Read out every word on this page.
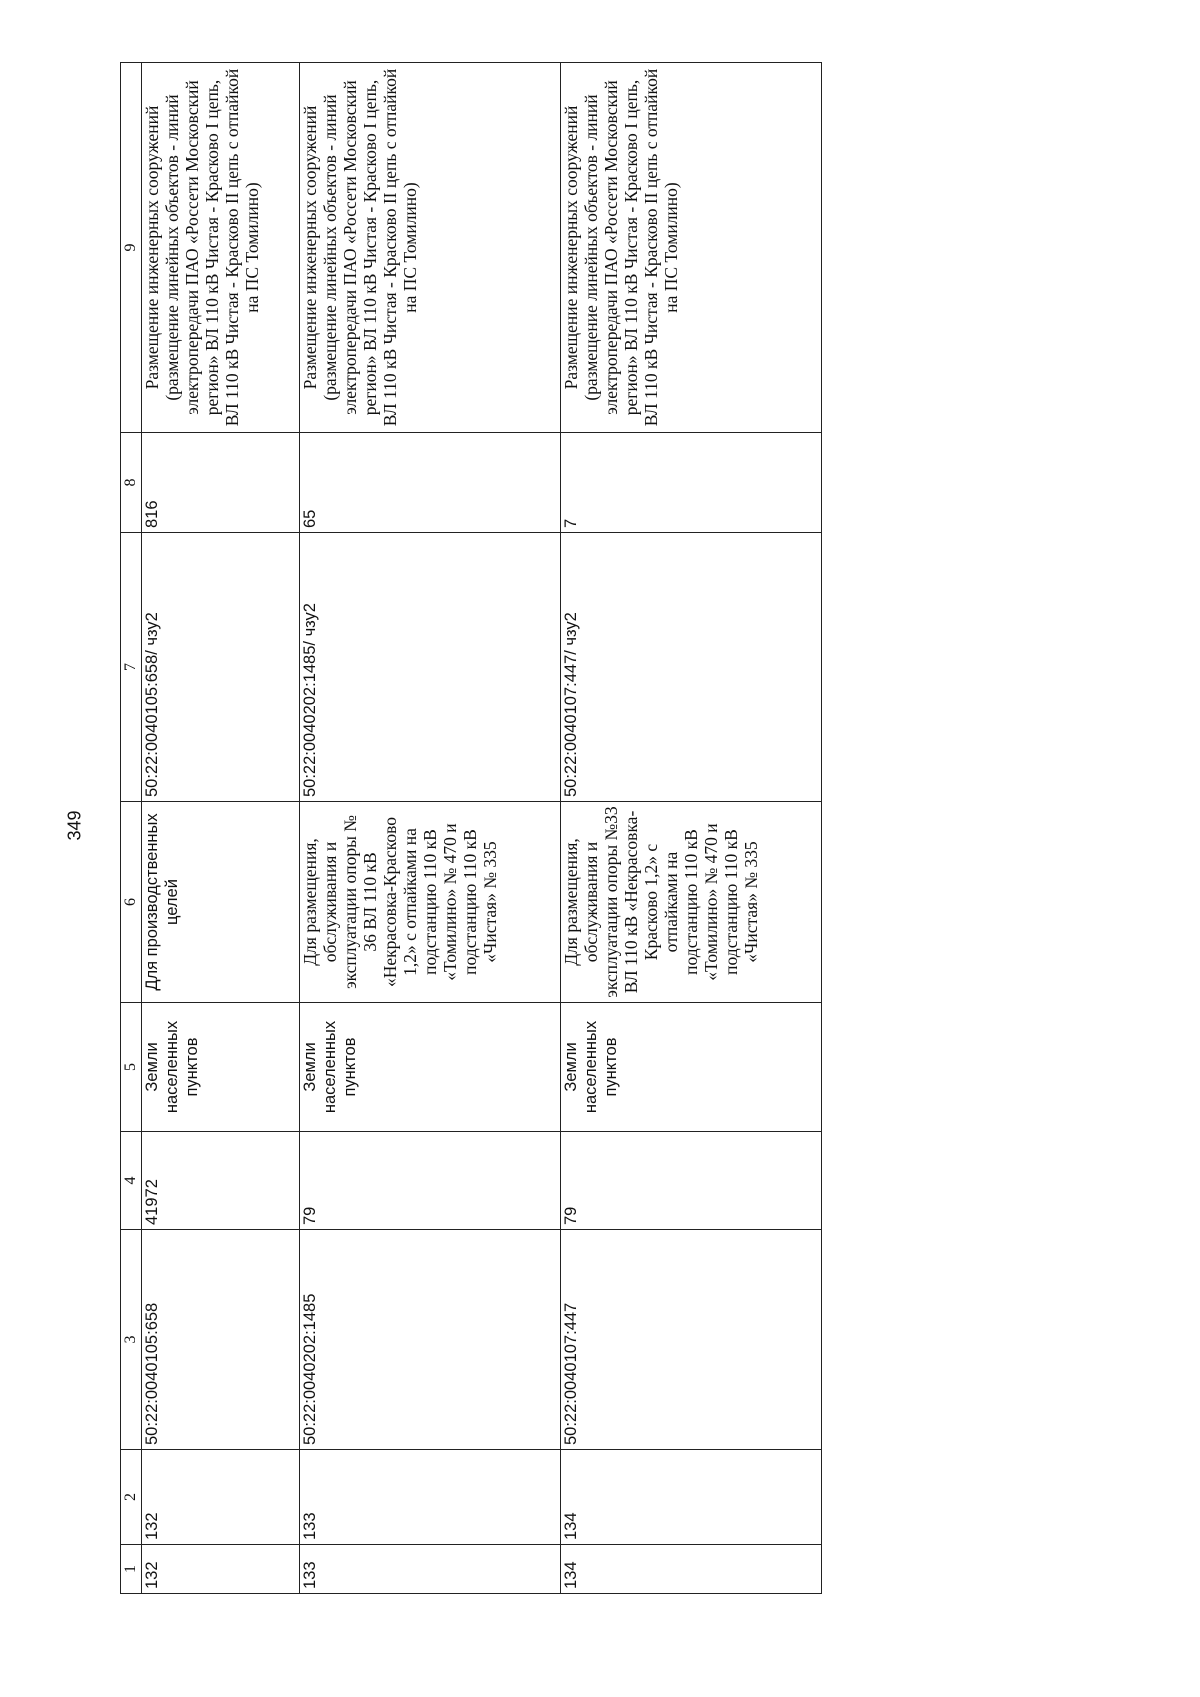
349
1	2	3	4	5	6	7	8	9
132	132	50:22:0040105:658	41972	Земли населенных пунктов	Для производственных целей	50:22:0040105:658/ чзу2	816	Размещение инженерных сооружений (размещение линейных объектов - линий электропередачи ПАО «Россети Московский регион» ВЛ 110 кВ Чистая - Красково I цепь, ВЛ 110 кВ Чистая - Красково II цепь с отпайкой на ПС Томилино)
133	133	50:22:0040202:1485	79	Земли населенных пунктов	Для размещения, обслуживания и эксплуатации опоры № 36 ВЛ 110 кВ «Некрасовка-Красково 1,2» с отпайками на подстанцию 110 кВ «Томилино» № 470 и подстанцию 110 кВ «Чистая» № 335	50:22:0040202:1485/ чзу2	65	Размещение инженерных сооружений (размещение линейных объектов - линий электропередачи ПАО «Россети Московский регион» ВЛ 110 кВ Чистая - Красково I цепь, ВЛ 110 кВ Чистая - Красково II цепь с отпайкой на ПС Томилино)
134	134	50:22:0040107:447	79	Земли населенных пунктов	Для размещения, обслуживания и эксплуатации опоры №33 ВЛ 110 кВ «Некрасовка-Красково 1,2» с отпайками на подстанцию 110 кВ «Томилино» № 470 и подстанцию 110 кВ «Чистая» № 335	50:22:0040107:447/ чзу2	7	Размещение инженерных сооружений (размещение линейных объектов - линий электропередачи ПАО «Россети Московский регион» ВЛ 110 кВ Чистая - Красково I цепь, ВЛ 110 кВ Чистая - Красково II цепь с отпайкой на ПС Томилино)
